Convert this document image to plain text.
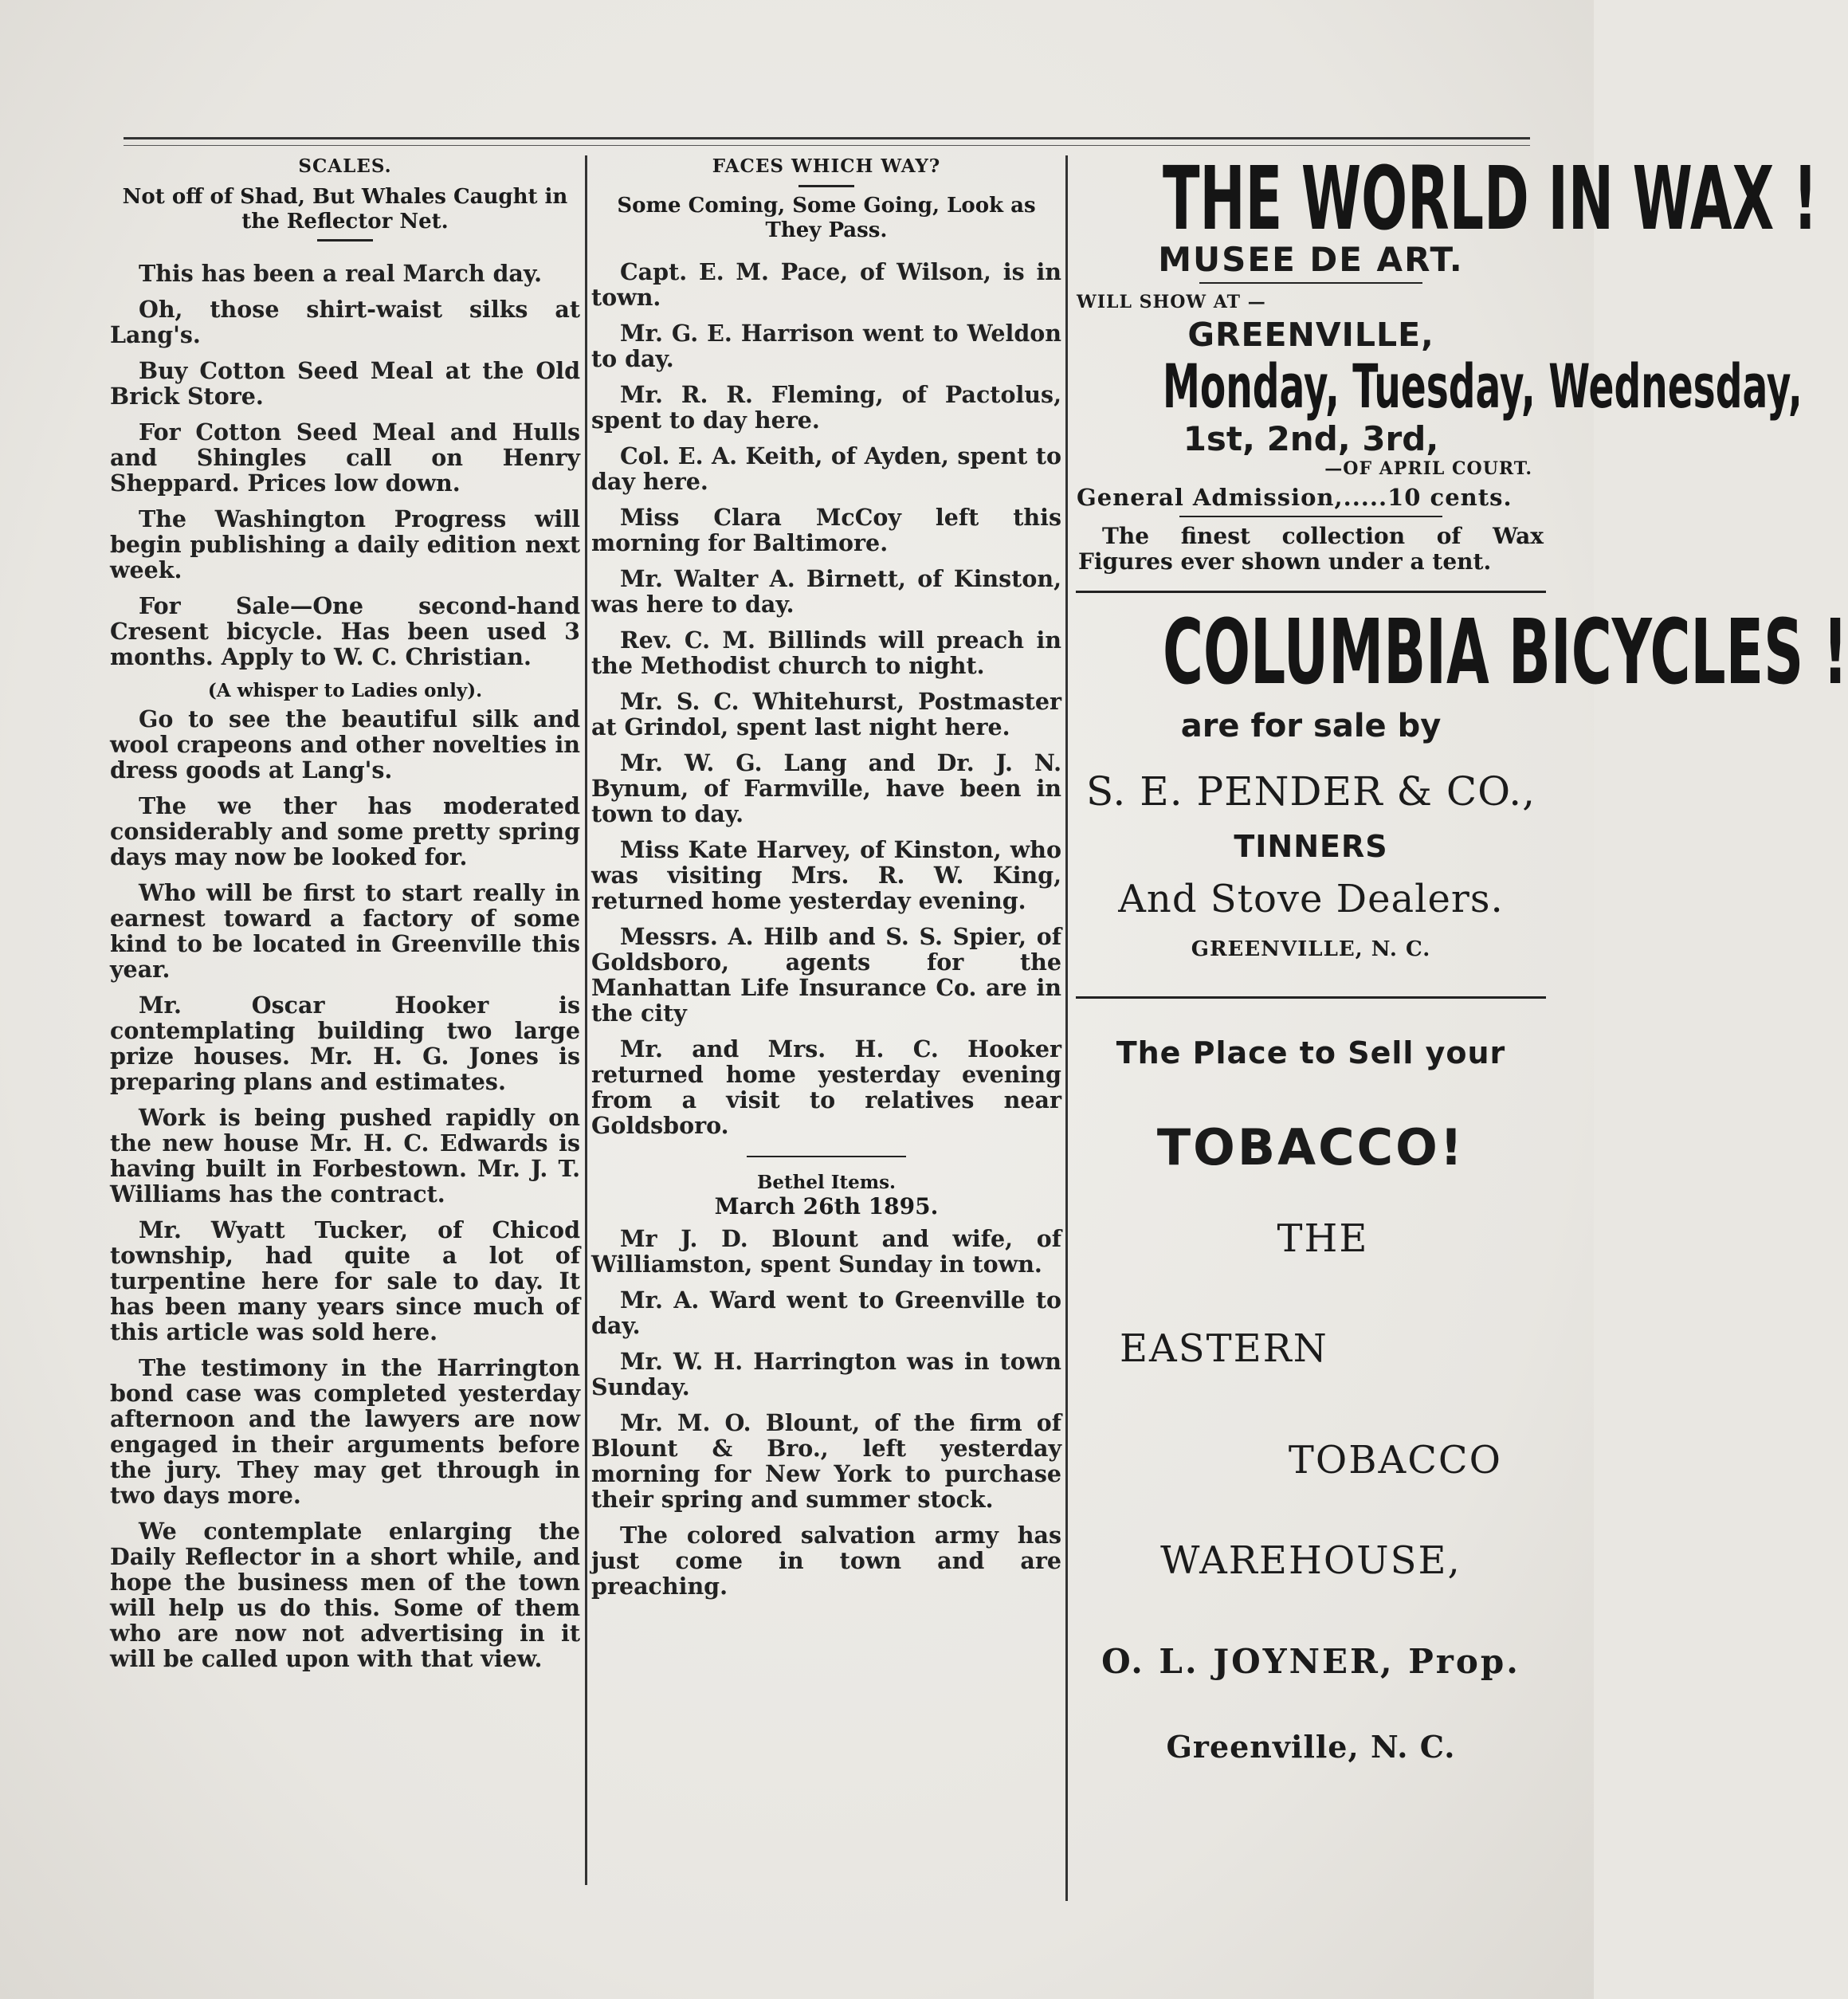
SCALES.
Not off of Shad, But Whales Caught in the Reflector Net.

This has been a real March day.

Oh, those shirt-waist silks at Lang's.

Buy Cotton Seed Meal at the Old Brick Store.

For Cotton Seed Meal and Hulls and Shingles call on Henry Sheppard. Prices low down.

The Washington Progress will begin publishing a daily edition next week.

For Sale—One second-hand Cresent bicycle. Has been used 3 months. Apply to W. C. Christian.

(A whisper to Ladies only).

Go to see the beautiful silk and wool crapeons and other novelties in dress goods at Lang's.

The we ther has moderated considerably and some pretty spring days may now be looked for.

Who will be first to start really in earnest toward a factory of some kind to be located in Greenville this year.

Mr. Oscar Hooker is contemplating building two large prize houses. Mr. H. G. Jones is preparing plans and estimates.

Work is being pushed rapidly on the new house Mr. H. C. Edwards is having built in Forbestown. Mr. J. T. Williams has the contract.

Mr. Wyatt Tucker, of Chicod township, had quite a lot of turpentine here for sale to day. It has been many years since much of this article was sold here.

The testimony in the Harrington bond case was completed yesterday afternoon and the lawyers are now engaged in their arguments before the jury. They may get through in two days more.

We contemplate enlarging the Daily Reflector in a short while, and hope the business men of the town will help us do this. Some of them who are now not advertising in it will be called upon with that view.

FACES WHICH WAY?
Some Coming, Some Going, Look as They Pass.

Capt. E. M. Pace, of Wilson, is in town.

Mr. G. E. Harrison went to Weldon to day.

Mr. R. R. Fleming, of Pactolus, spent to day here.

Col. E. A. Keith, of Ayden, spent to day here.

Miss Clara McCoy left this morning for Baltimore.

Mr. Walter A. Birnett, of Kinston, was here to day.

Rev. C. M. Billinds will preach in the Methodist church to night.

Mr. S. C. Whitehurst, Postmaster at Grindol, spent last night here.

Mr. W. G. Lang and Dr. J. N. Bynum, of Farmville, have been in town to day.

Miss Kate Harvey, of Kinston, who was visiting Mrs. R. W. King, returned home yesterday evening.

Messrs. A. Hilb and S. S. Spier, of Goldsboro, agents for the Manhattan Life Insurance Co. are in the city

Mr. and Mrs. H. C. Hooker returned home yesterday evening from a visit to relatives near Goldsboro.

Bethel Items.
March 26th 1895.

Mr J. D. Blount and wife, of Williamston, spent Sunday in town.

Mr. A. Ward went to Greenville to day.

Mr. W. H. Harrington was in town Sunday.

Mr. M. O. Blount, of the firm of Blount & Bro., left yesterday morning for New York to purchase their spring and summer stock.

The colored salvation army has just come in town and are preaching.

THE WORLD IN WAX !
MUSEE DE ART.
WILL SHOW AT —
GREENVILLE,
Monday, Tuesday, Wednesday,
1st, 2nd, 3rd,
—OF APRIL COURT.
General Admission,.....10 cents.
The finest collection of Wax Figures ever shown under a tent.
COLUMBIA BICYCLES !
are for sale by
S. E. PENDER & CO.,
TINNERS
And Stove Dealers.
GREENVILLE, N. C.
The Place to Sell your
TOBACCO!
THE
EASTERN
TOBACCO
WAREHOUSE,
O. L. JOYNER, Prop.
Greenville, N. C.
